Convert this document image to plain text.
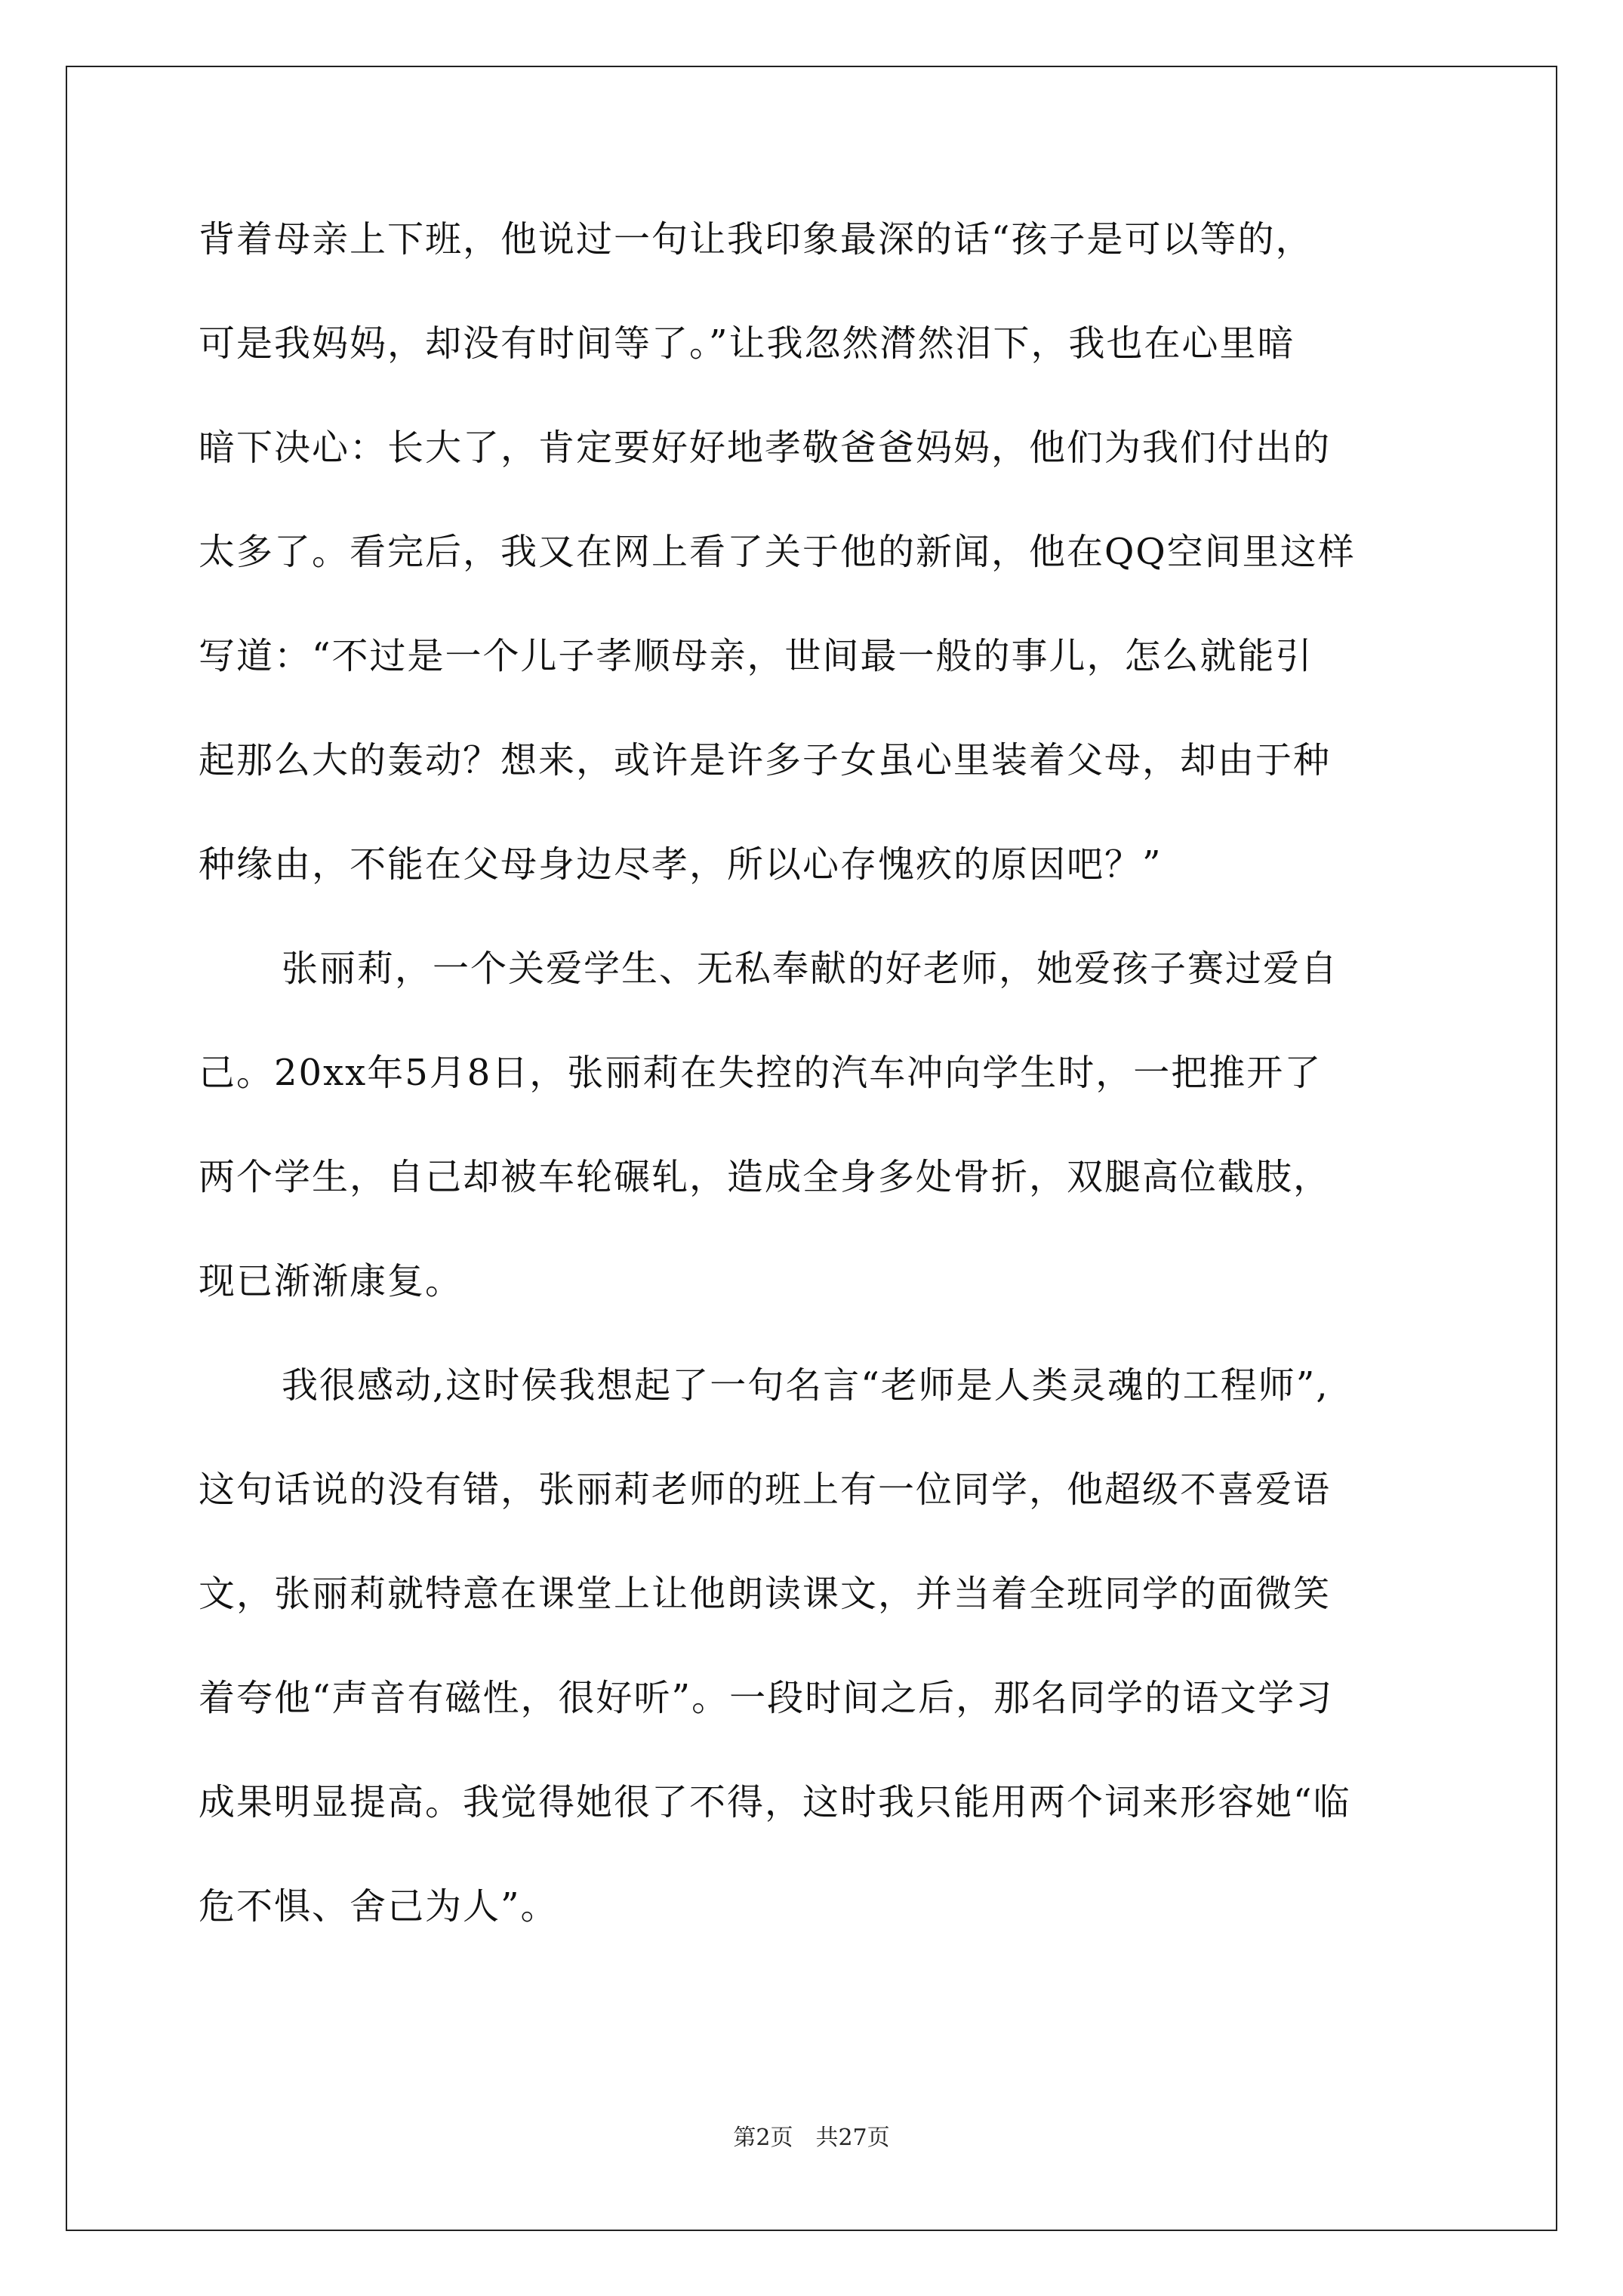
背着母亲上下班，他说过一句让我印象最深的话“孩子是可以等的，
可是我妈妈，却没有时间等了。”让我忽然潸然泪下，我也在心里暗
暗下决心：长大了，肯定要好好地孝敬爸爸妈妈，他们为我们付出的
太多了。看完后，我又在网上看了关于他的新闻，他在QQ空间里这样
写道：“不过是一个儿子孝顺母亲，世间最一般的事儿，怎么就能引
起那么大的轰动？想来，或许是许多子女虽心里装着父母，却由于种
种缘由，不能在父母身边尽孝，所以心存愧疚的原因吧？”
张丽莉，一个关爱学生、无私奉献的好老师，她爱孩子赛过爱自
己。20xx年5月8日，张丽莉在失控的汽车冲向学生时，一把推开了
两个学生，自己却被车轮碾轧，造成全身多处骨折，双腿高位截肢，
现已渐渐康复。
我很感动,这时侯我想起了一句名言“老师是人类灵魂的工程师”,
这句话说的没有错，张丽莉老师的班上有一位同学，他超级不喜爱语
文，张丽莉就特意在课堂上让他朗读课文，并当着全班同学的面微笑
着夸他“声音有磁性，很好听”。一段时间之后，那名同学的语文学习
成果明显提高。我觉得她很了不得，这时我只能用两个词来形容她“临
危不惧、舍己为人”。
第2页　共27页
